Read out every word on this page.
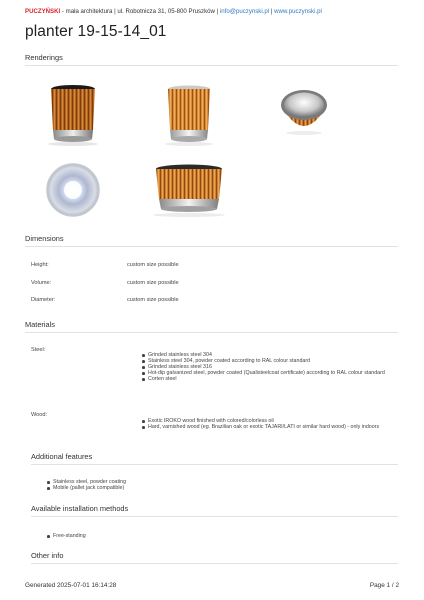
PUCZYŃSKI - mała architektura | ul. Robotnicza 31, 05-800 Pruszków | info@puczynski.pl | www.puczynski.pl
planter 19-15-14_01
Renderings
Dimensions
Height:	custom size possible
Volume:	custom size possible
Diameter:	custom size possible
Materials
Steel:
Grinded stainless steel 304
Stainless steel 304, powder coated according to RAL colour standard
Grinded stainless steel 316
Hot-dip galvanized steel, powder coated (Qualisteelcoat certificate) according to RAL colour standard
Corten steel
Wood:
Exotic IROKO wood finished with colored/colorless oil
Hard, varnished wood (eg. Brazilian oak or exotic TAJARI/LATI or similar hard wood) - only indoors
Additional features
Stainless steel, powder coating
Mobile (pallet jack compatible)
Available installation methods
Free-standing
Other info
Generated 2025-07-01 16:14:28	Page 1 / 2
